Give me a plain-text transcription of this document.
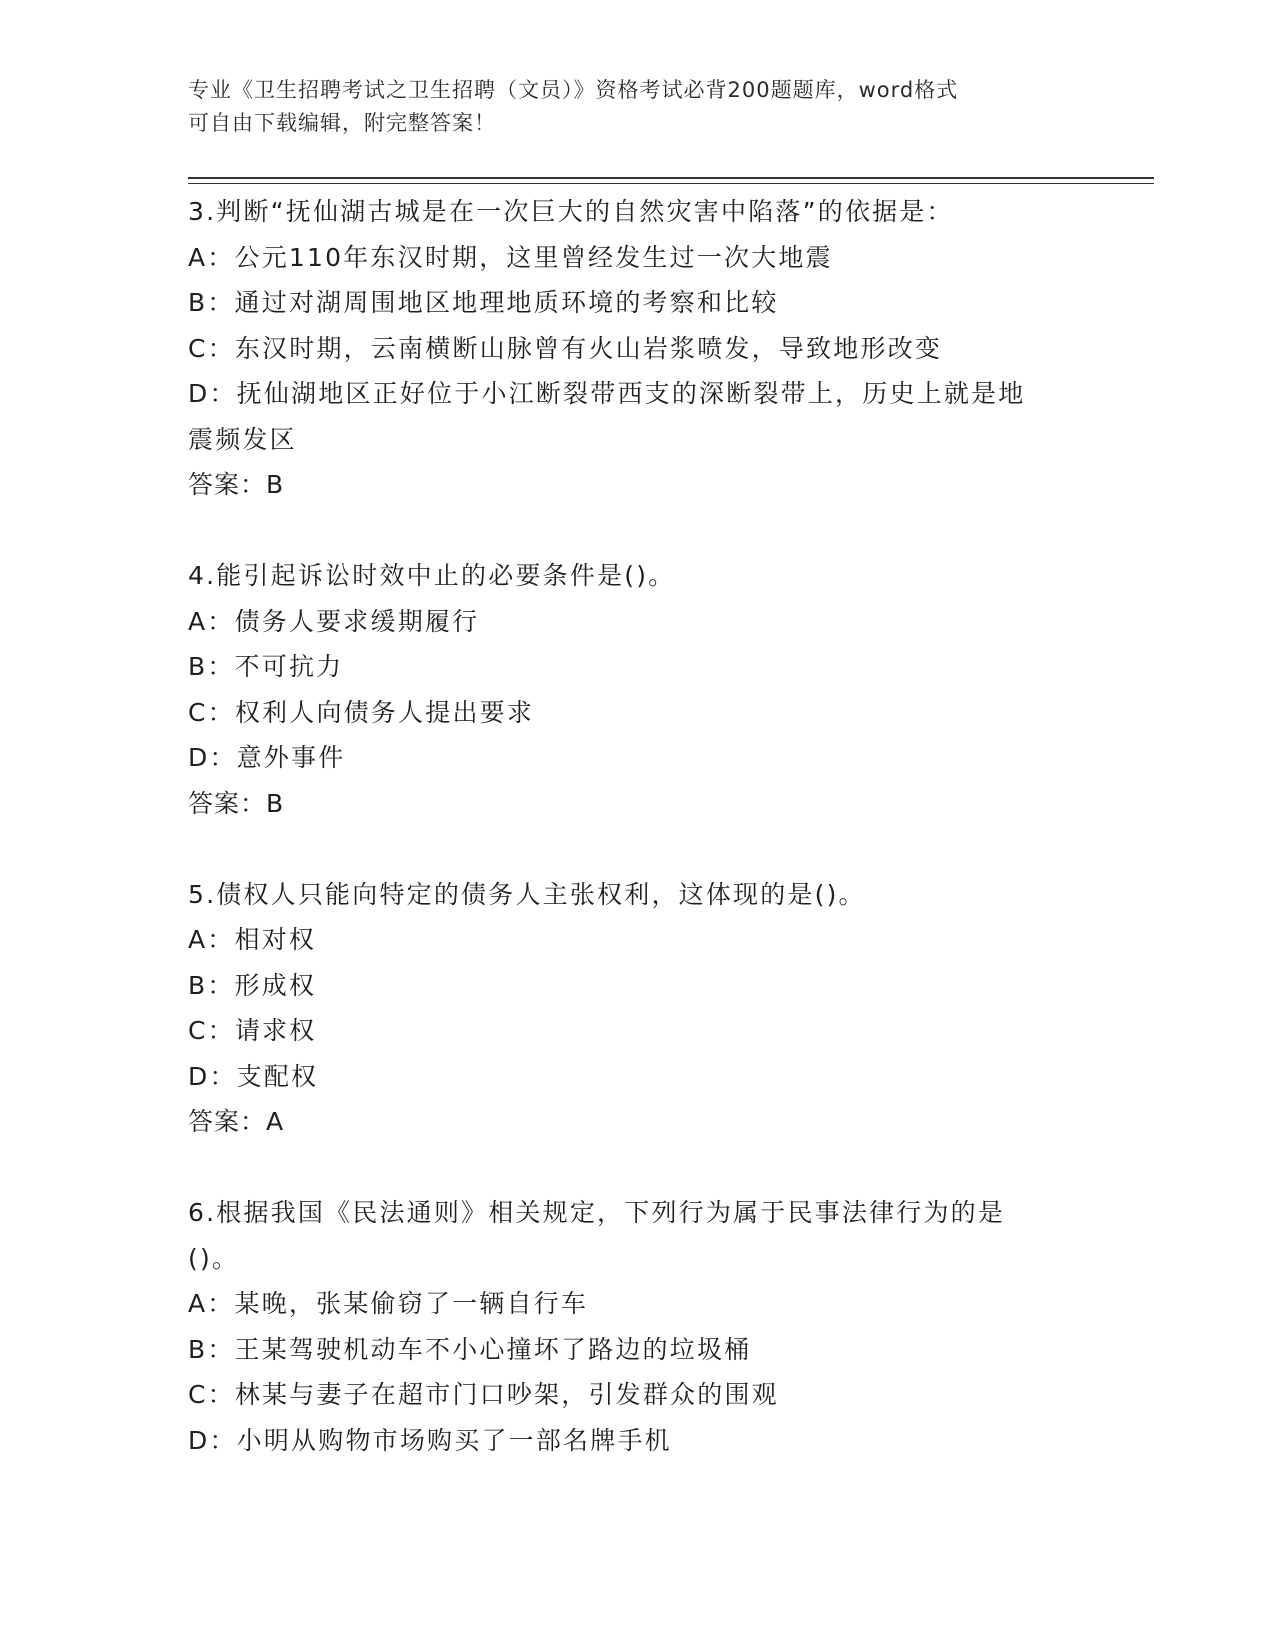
专业《卫生招聘考试之卫生招聘（文员）》资格考试必背200题题库，word格式
可自由下载编辑，附完整答案！
3.判断“抚仙湖古城是在一次巨大的自然灾害中陷落”的依据是：
A：公元110年东汉时期，这里曾经发生过一次大地震
B：通过对湖周围地区地理地质环境的考察和比较
C：东汉时期，云南横断山脉曾有火山岩浆喷发，导致地形改变
D：抚仙湖地区正好位于小江断裂带西支的深断裂带上，历史上就是地
震频发区
答案：B
4.能引起诉讼时效中止的必要条件是()。
A：债务人要求缓期履行
B：不可抗力
C：权利人向债务人提出要求
D：意外事件
答案：B
5.债权人只能向特定的债务人主张权利，这体现的是()。
A：相对权
B：形成权
C：请求权
D：支配权
答案：A
6.根据我国《民法通则》相关规定，下列行为属于民事法律行为的是
()。
A：某晚，张某偷窃了一辆自行车
B：王某驾驶机动车不小心撞坏了路边的垃圾桶
C：林某与妻子在超市门口吵架，引发群众的围观
D：小明从购物市场购买了一部名牌手机
